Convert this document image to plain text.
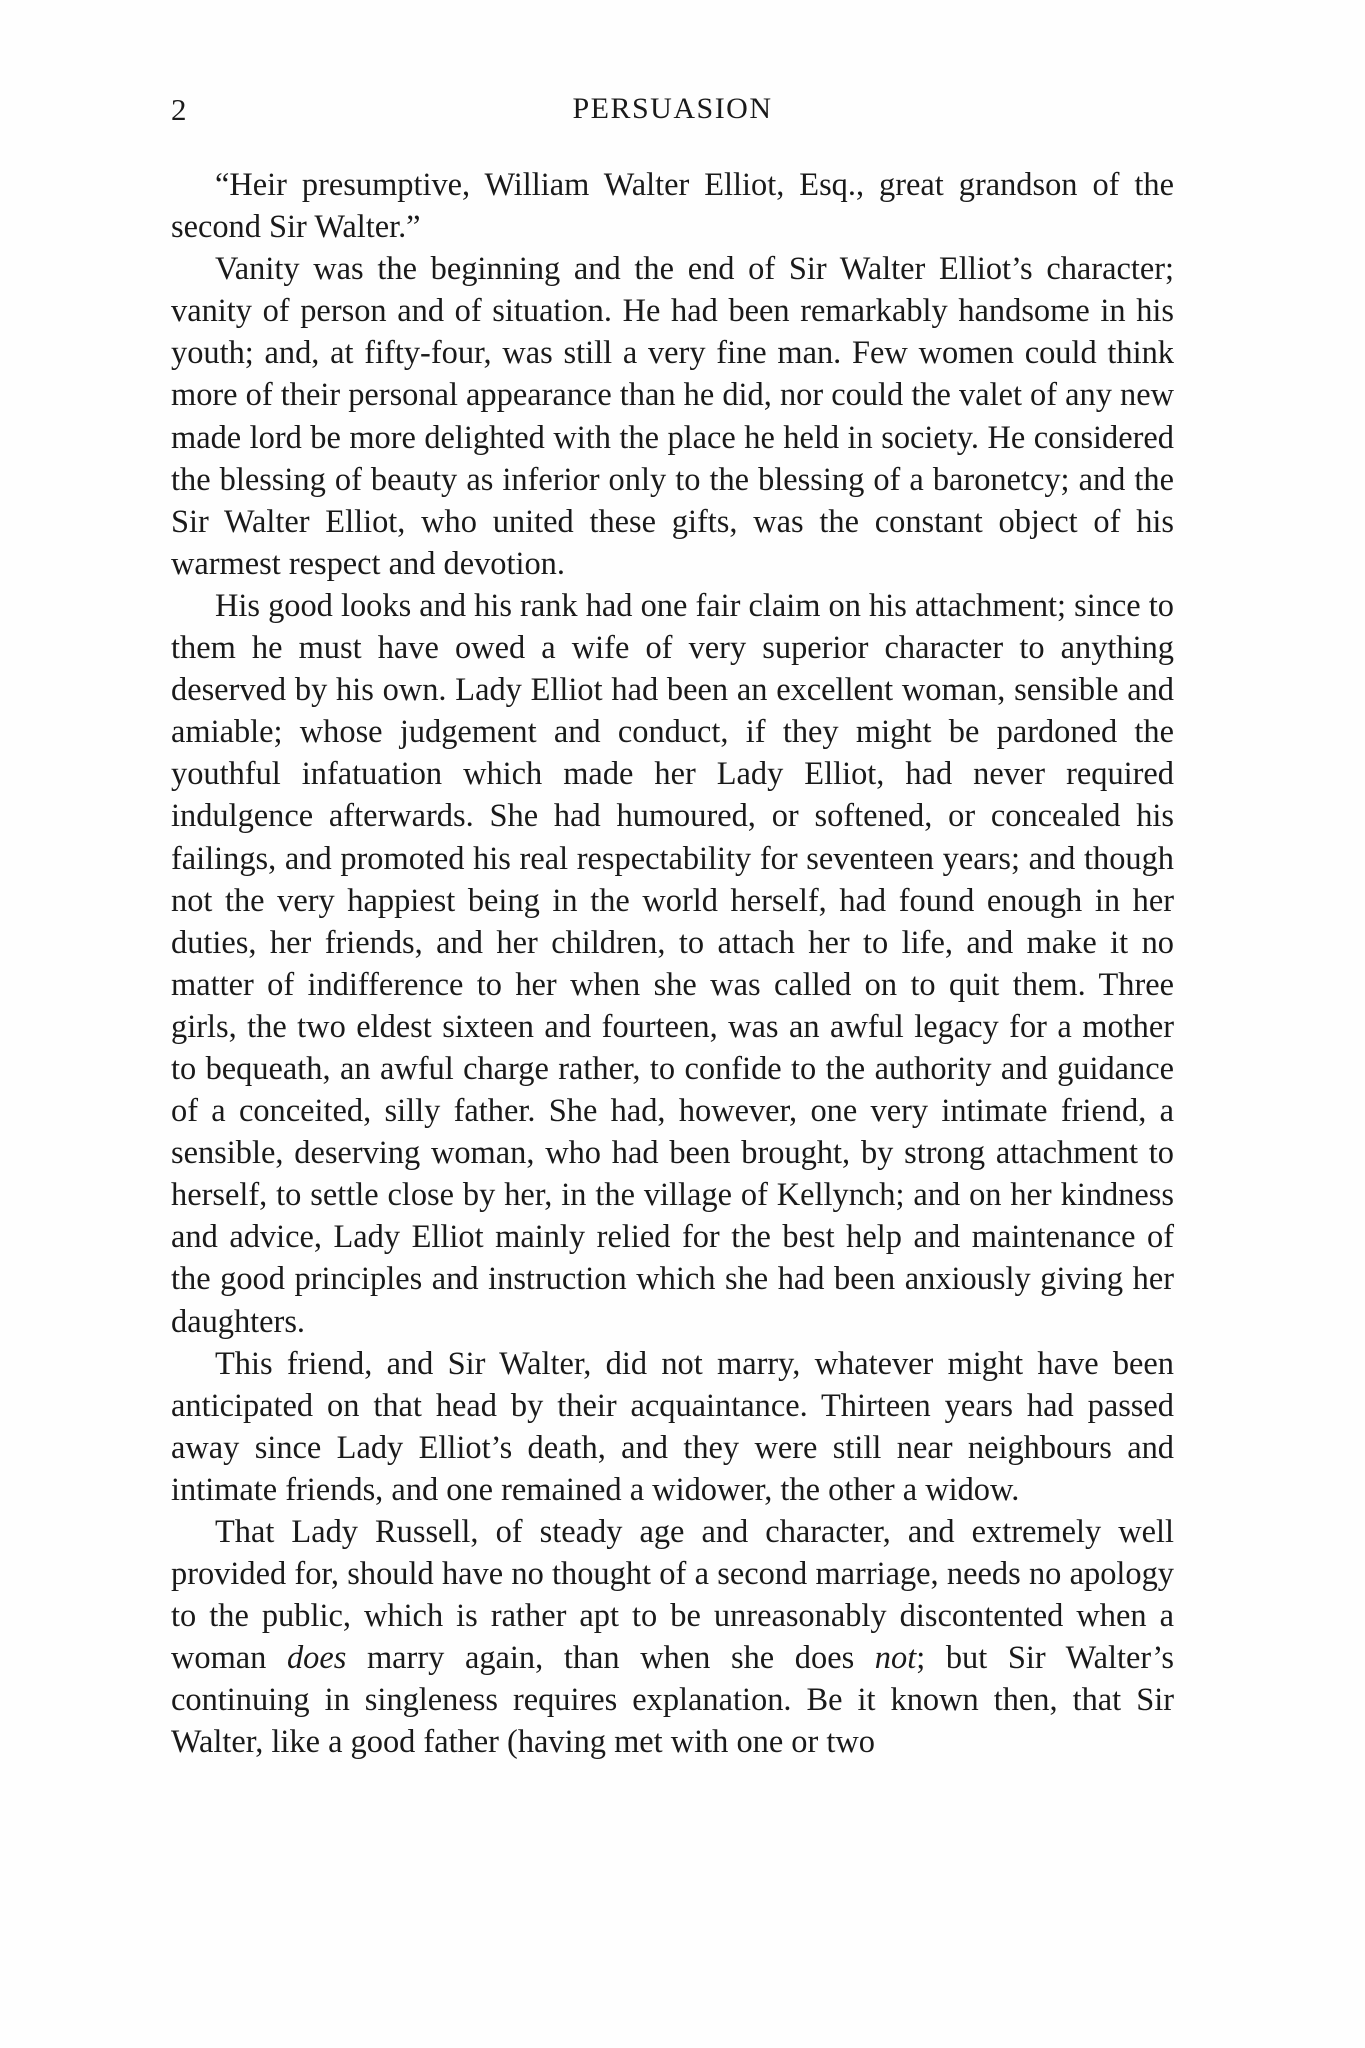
2	PERSUASION

“Heir presumptive, William Walter Elliot, Esq., great grandson of the second Sir Walter.”

Vanity was the beginning and the end of Sir Walter Elliot’s character; vanity of person and of situation. He had been remarkably handsome in his youth; and, at fifty-four, was still a very fine man. Few women could think more of their personal appearance than he did, nor could the valet of any new made lord be more delighted with the place he held in society. He considered the blessing of beauty as inferior only to the blessing of a baronetcy; and the Sir Walter Elliot, who united these gifts, was the constant object of his warmest respect and devotion.

His good looks and his rank had one fair claim on his attachment; since to them he must have owed a wife of very superior character to anything deserved by his own. Lady Elliot had been an excellent woman, sensible and amiable; whose judgement and conduct, if they might be pardoned the youthful infatuation which made her Lady Elliot, had never required indulgence afterwards. She had humoured, or softened, or concealed his failings, and promoted his real respectability for seventeen years; and though not the very happiest being in the world herself, had found enough in her duties, her friends, and her children, to attach her to life, and make it no matter of indifference to her when she was called on to quit them. Three girls, the two eldest sixteen and fourteen, was an awful legacy for a mother to bequeath, an awful charge rather, to confide to the authority and guidance of a conceited, silly father. She had, however, one very intimate friend, a sensible, deserving woman, who had been brought, by strong attachment to herself, to settle close by her, in the village of Kellynch; and on her kindness and advice, Lady Elliot mainly relied for the best help and maintenance of the good principles and instruction which she had been anxiously giving her daughters.

This friend, and Sir Walter, did not marry, whatever might have been anticipated on that head by their acquaintance. Thirteen years had passed away since Lady Elliot’s death, and they were still near neighbours and intimate friends, and one remained a widower, the other a widow.

That Lady Russell, of steady age and character, and extremely well provided for, should have no thought of a second marriage, needs no apology to the public, which is rather apt to be unreasonably discontented when a woman does marry again, than when she does not; but Sir Walter’s continuing in singleness requires explanation. Be it known then, that Sir Walter, like a good father (having met with one or two
